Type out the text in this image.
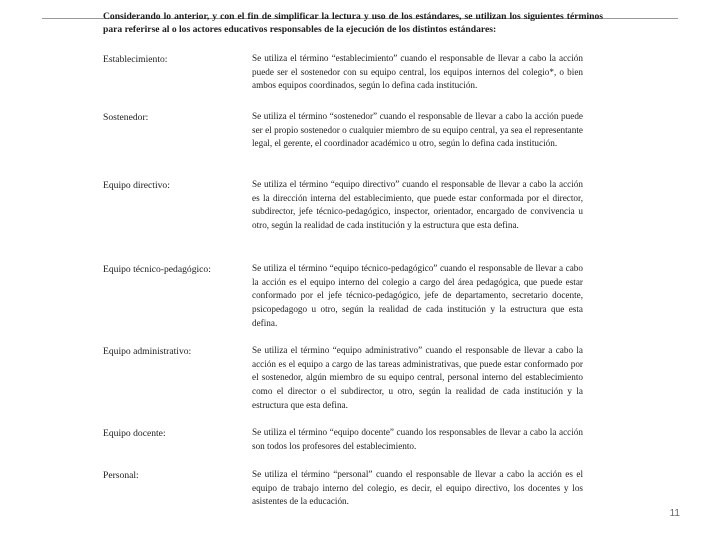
Considerando lo anterior, y con el fin de simplificar la lectura y uso de los estándares, se utilizan los siguientes términos para referirse al o los actores educativos responsables de la ejecución de los distintos estándares:

Establecimiento:	Se utiliza el término “establecimiento” cuando el responsable de llevar a cabo la acción puede ser el sostenedor con su equipo central, los equipos internos del colegio*, o bien ambos equipos coordinados, según lo defina cada institución.
Sostenedor:	Se utiliza el término “sostenedor” cuando el responsable de llevar a cabo la acción puede ser el propio sostenedor o cualquier miembro de su equipo central, ya sea el representante legal, el gerente, el coordinador académico u otro, según lo defina cada institución.
Equipo directivo:	Se utiliza el término “equipo directivo” cuando el responsable de llevar a cabo la acción es la dirección interna del establecimiento, que puede estar conformada por el director, subdirector, jefe técnico-pedagógico, inspector, orientador, encargado de convivencia u otro, según la realidad de cada institución y la estructura que esta defina.
Equipo técnico-pedagógico:	Se utiliza el término “equipo técnico-pedagógico” cuando el responsable de llevar a cabo la acción es el equipo interno del colegio a cargo del área pedagógica, que puede estar conformado por el jefe técnico-pedagógico, jefe de departamento, secretario docente, psicopedagogo u otro, según la realidad de cada institución y la estructura que esta defina.
Equipo administrativo:	Se utiliza el término “equipo administrativo” cuando el responsable de llevar a cabo la acción es el equipo a cargo de las tareas administrativas, que puede estar conformado por el sostenedor, algún miembro de su equipo central, personal interno del establecimiento como el director o el subdirector, u otro, según la realidad de cada institución y la estructura que esta defina.
Equipo docente:	Se utiliza el término “equipo docente” cuando los responsables de llevar a cabo la acción son todos los profesores del establecimiento.
Personal:	Se utiliza el término “personal” cuando el responsable de llevar a cabo la acción es el equipo de trabajo interno del colegio, es decir, el equipo directivo, los docentes y los asistentes de la educación.
11
